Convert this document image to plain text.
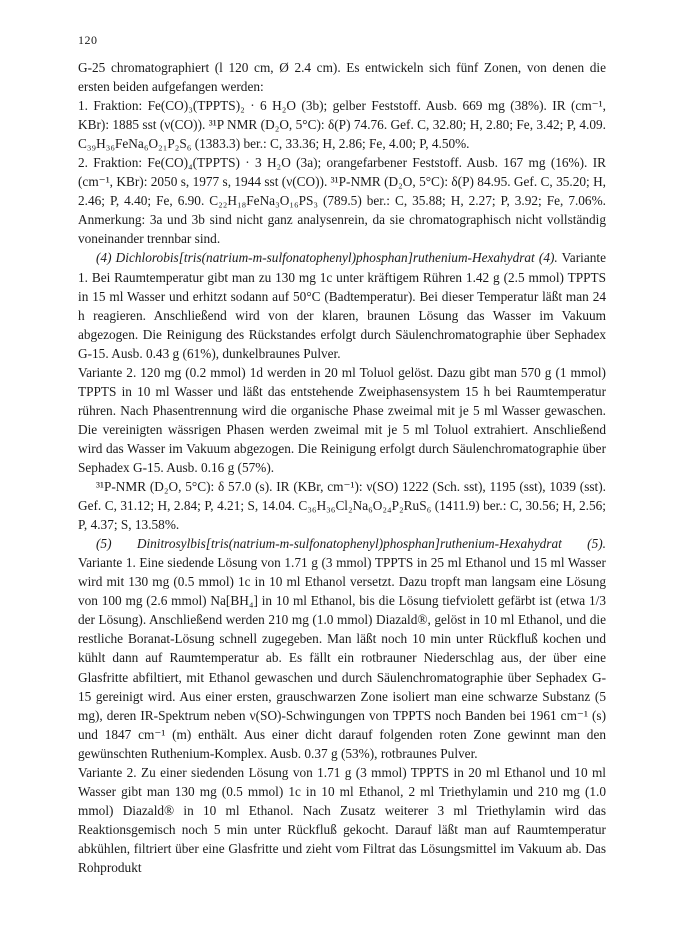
120

G-25 chromatographiert (l 120 cm, Ø 2.4 cm). Es entwickeln sich fünf Zonen, von denen die ersten beiden aufgefangen werden:

1. Fraktion: Fe(CO)₃(TPPTS)₂ · 6 H₂O (3b); gelber Feststoff. Ausb. 669 mg (38%). IR (cm⁻¹, KBr): 1885 sst (ν(CO)). ³¹P NMR (D₂O, 5°C): δ(P) 74.76. Gef. C, 32.80; H, 2.80; Fe, 3.42; P, 4.09. C₃₉H₃₆FeNa₆O₂₁P₂S₆ (1383.3) ber.: C, 33.36; H, 2.86; Fe, 4.00; P, 4.50%.

2. Fraktion: Fe(CO)₄(TPPTS) · 3 H₂O (3a); orangefarbener Feststoff. Ausb. 167 mg (16%). IR (cm⁻¹, KBr): 2050 s, 1977 s, 1944 sst (ν(CO)). ³¹P-NMR (D₂O, 5°C): δ(P) 84.95. Gef. C, 35.20; H, 2.46; P, 4.40; Fe, 6.90. C₂₂H₁₈FeNa₃O₁₆PS₃ (789.5) ber.: C, 35.88; H, 2.27; P, 3.92; Fe, 7.06%. Anmerkung: 3a und 3b sind nicht ganz analysenrein, da sie chromatographisch nicht vollständig voneinander trennbar sind.

(4) Dichlorobis[tris(natrium-m-sulfonatophenyl)phosphan]ruthenium-Hexahydrat (4). Variante 1. Bei Raumtemperatur gibt man zu 130 mg 1c unter kräftigem Rühren 1.42 g (2.5 mmol) TPPTS in 15 ml Wasser und erhitzt sodann auf 50°C (Badtemperatur). Bei dieser Temperatur läßt man 24 h reagieren. Anschließend wird von der klaren, braunen Lösung das Wasser im Vakuum abgezogen. Die Reinigung des Rückstandes erfolgt durch Säulenchromatographie über Sephadex G-15. Ausb. 0.43 g (61%), dunkelbraunes Pulver.

Variante 2. 120 mg (0.2 mmol) 1d werden in 20 ml Toluol gelöst. Dazu gibt man 570 g (1 mmol) TPPTS in 10 ml Wasser und läßt das entstehende Zweiphasensystem 15 h bei Raumtemperatur rühren. Nach Phasentrennung wird die organische Phase zweimal mit je 5 ml Wasser gewaschen. Die vereinigten wässrigen Phasen werden zweimal mit je 5 ml Toluol extrahiert. Anschließend wird das Wasser im Vakuum abgezogen. Die Reinigung erfolgt durch Säulenchromatographie über Sephadex G-15. Ausb. 0.16 g (57%).

³¹P-NMR (D₂O, 5°C): δ 57.0 (s). IR (KBr, cm⁻¹): ν(SO) 1222 (Sch. sst), 1195 (sst), 1039 (sst). Gef. C, 31.12; H, 2.84; P, 4.21; S, 14.04. C₃₆H₃₆Cl₂Na₆O₂₄P₂RuS₆ (1411.9) ber.: C, 30.56; H, 2.56; P, 4.37; S, 13.58%.

(5) Dinitrosylbis[tris(natrium-m-sulfonatophenyl)phosphan]ruthenium-Hexahydrat (5). Variante 1. Eine siedende Lösung von 1.71 g (3 mmol) TPPTS in 25 ml Ethanol und 15 ml Wasser wird mit 130 mg (0.5 mmol) 1c in 10 ml Ethanol versetzt. Dazu tropft man langsam eine Lösung von 100 mg (2.6 mmol) Na[BH₄] in 10 ml Ethanol, bis die Lösung tiefviolett gefärbt ist (etwa 1/3 der Lösung). Anschließend werden 210 mg (1.0 mmol) Diazald®, gelöst in 10 ml Ethanol, und die restliche Boranat-Lösung schnell zugegeben. Man läßt noch 10 min unter Rückfluß kochen und kühlt dann auf Raumtemperatur ab. Es fällt ein rotbrauner Niederschlag aus, der über eine Glasfritte abfiltiert, mit Ethanol gewaschen und durch Säulenchromatographie über Sephadex G-15 gereinigt wird. Aus einer ersten, grauschwarzen Zone isoliert man eine schwarze Substanz (5 mg), deren IR-Spektrum neben ν(SO)-Schwingungen von TPPTS noch Banden bei 1961 cm⁻¹ (s) und 1847 cm⁻¹ (m) enthält. Aus einer dicht darauf folgenden roten Zone gewinnt man den gewünschten Ruthenium-Komplex. Ausb. 0.37 g (53%), rotbraunes Pulver.

Variante 2. Zu einer siedenden Lösung von 1.71 g (3 mmol) TPPTS in 20 ml Ethanol und 10 ml Wasser gibt man 130 mg (0.5 mmol) 1c in 10 ml Ethanol, 2 ml Triethylamin und 210 mg (1.0 mmol) Diazald® in 10 ml Ethanol. Nach Zusatz weiterer 3 ml Triethylamin wird das Reaktionsgemisch noch 5 min unter Rückfluß gekocht. Darauf läßt man auf Raumtemperatur abkühlen, filtriert über eine Glasfritte und zieht vom Filtrat das Lösungsmittel im Vakuum ab. Das Rohprodukt
